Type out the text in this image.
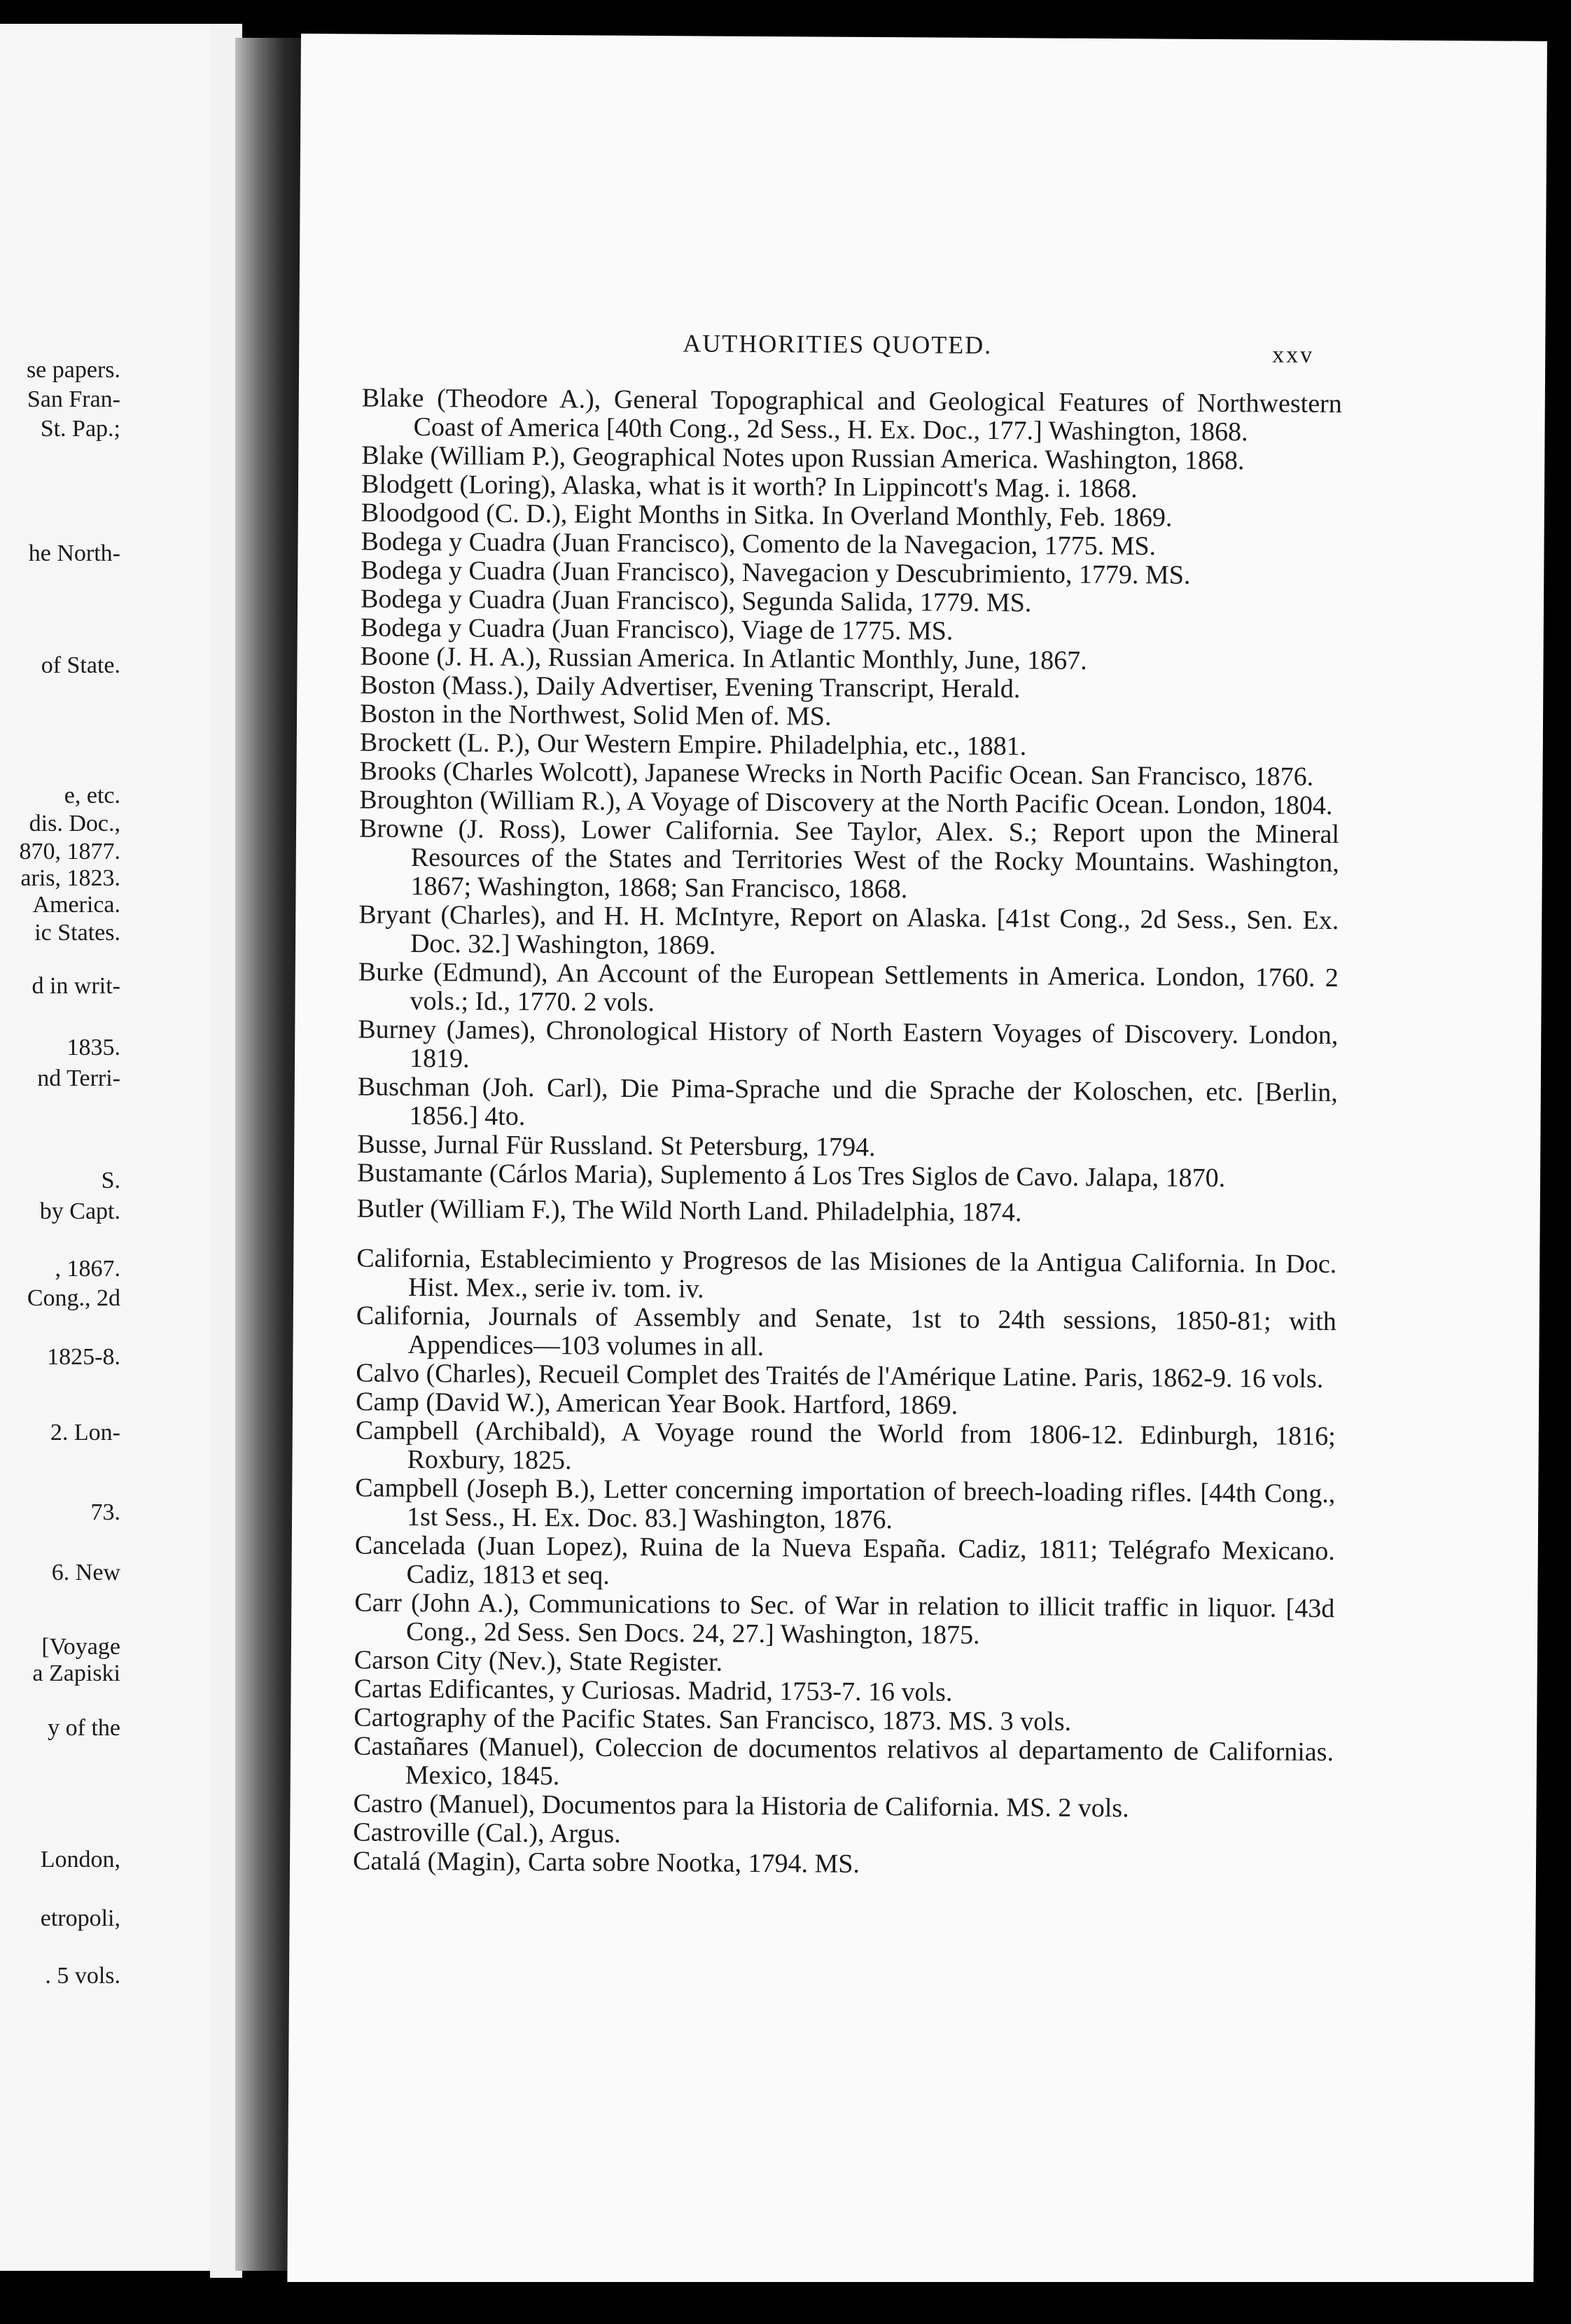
se papers.
San Fran-
St. Pap.;
he North-
of State.
e, etc.
dis. Doc.,
870, 1877.
aris, 1823.
America.
ic States.
d in writ-
1835.
nd Terri-
S.
by Capt.
, 1867.
Cong., 2d
1825-8.
2. Lon-
73.
6. New
[Voyage
a Zapiski
y of the
London,
etropoli,
. 5 vols.
AUTHORITIES QUOTED.	xxv

Blake (Theodore A.), General Topographical and Geological Features of Northwestern Coast of America [40th Cong., 2d Sess., H. Ex. Doc., 177.] Washington, 1868.

Blake (William P.), Geographical Notes upon Russian America. Washington, 1868.

Blodgett (Loring), Alaska, what is it worth? In Lippincott's Mag. i. 1868.

Bloodgood (C. D.), Eight Months in Sitka. In Overland Monthly, Feb. 1869.

Bodega y Cuadra (Juan Francisco), Comento de la Navegacion, 1775. MS.

Bodega y Cuadra (Juan Francisco), Navegacion y Descubrimiento, 1779. MS.

Bodega y Cuadra (Juan Francisco), Segunda Salida, 1779. MS.

Bodega y Cuadra (Juan Francisco), Viage de 1775. MS.

Boone (J. H. A.), Russian America. In Atlantic Monthly, June, 1867.

Boston (Mass.), Daily Advertiser, Evening Transcript, Herald.

Boston in the Northwest, Solid Men of. MS.

Brockett (L. P.), Our Western Empire. Philadelphia, etc., 1881.

Brooks (Charles Wolcott), Japanese Wrecks in North Pacific Ocean. San Francisco, 1876.

Broughton (William R.), A Voyage of Discovery at the North Pacific Ocean. London, 1804.

Browne (J. Ross), Lower California. See Taylor, Alex. S.; Report upon the Mineral Resources of the States and Territories West of the Rocky Mountains. Washington, 1867; Washington, 1868; San Francisco, 1868.

Bryant (Charles), and H. H. McIntyre, Report on Alaska. [41st Cong., 2d Sess., Sen. Ex. Doc. 32.] Washington, 1869.

Burke (Edmund), An Account of the European Settlements in America. London, 1760. 2 vols.; Id., 1770. 2 vols.

Burney (James), Chronological History of North Eastern Voyages of Discovery. London, 1819.

Buschman (Joh. Carl), Die Pima-Sprache und die Sprache der Koloschen, etc. [Berlin, 1856.] 4to.

Busse, Jurnal Für Russland. St Petersburg, 1794.

Bustamante (Cárlos Maria), Suplemento á Los Tres Siglos de Cavo. Jalapa, 1870.

Butler (William F.), The Wild North Land. Philadelphia, 1874.

California, Establecimiento y Progresos de las Misiones de la Antigua California. In Doc. Hist. Mex., serie iv. tom. iv.

California, Journals of Assembly and Senate, 1st to 24th sessions, 1850-81; with Appendices—103 volumes in all.

Calvo (Charles), Recueil Complet des Traités de l'Amérique Latine. Paris, 1862-9. 16 vols.

Camp (David W.), American Year Book. Hartford, 1869.

Campbell (Archibald), A Voyage round the World from 1806-12. Edinburgh, 1816; Roxbury, 1825.

Campbell (Joseph B.), Letter concerning importation of breech-loading rifles. [44th Cong., 1st Sess., H. Ex. Doc. 83.] Washington, 1876.

Cancelada (Juan Lopez), Ruina de la Nueva España. Cadiz, 1811; Telégrafo Mexicano. Cadiz, 1813 et seq.

Carr (John A.), Communications to Sec. of War in relation to illicit traffic in liquor. [43d Cong., 2d Sess. Sen Docs. 24, 27.] Washington, 1875.

Carson City (Nev.), State Register.

Cartas Edificantes, y Curiosas. Madrid, 1753-7. 16 vols.

Cartography of the Pacific States. San Francisco, 1873. MS. 3 vols.

Castañares (Manuel), Coleccion de documentos relativos al departamento de Californias. Mexico, 1845.

Castro (Manuel), Documentos para la Historia de California. MS. 2 vols.

Castroville (Cal.), Argus.

Catalá (Magin), Carta sobre Nootka, 1794. MS.
